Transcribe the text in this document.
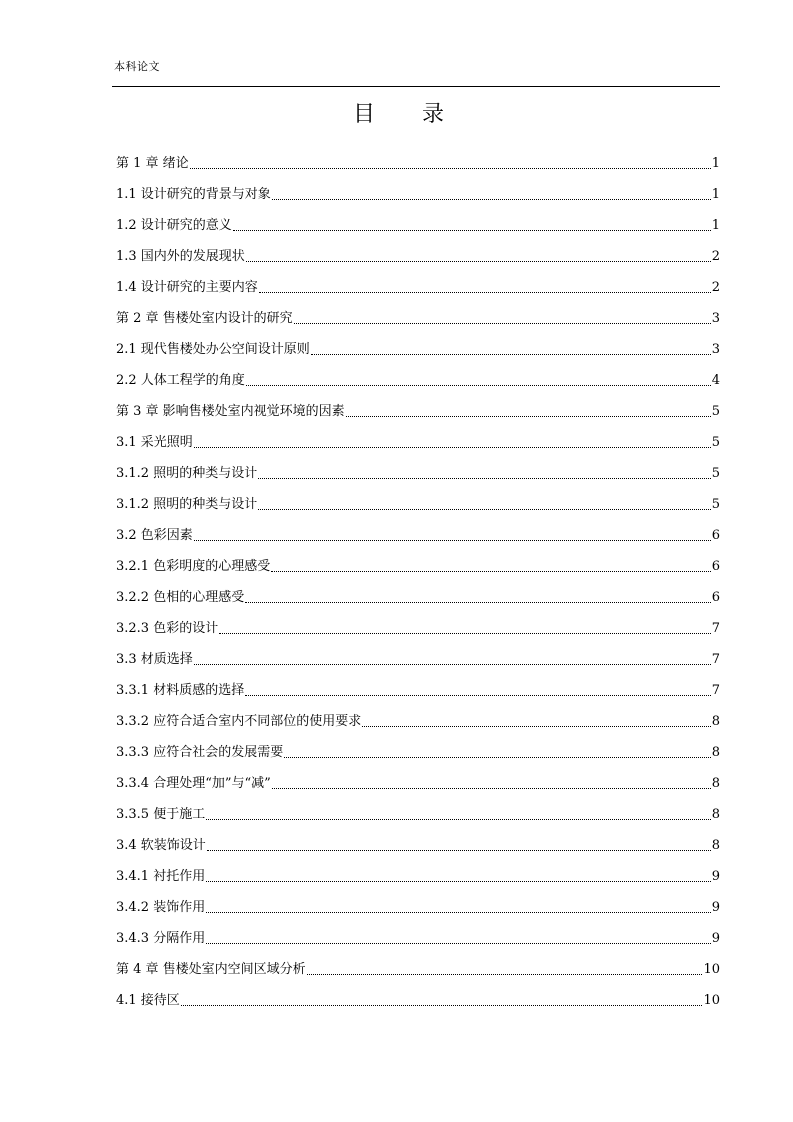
本科论文
目 录
第 1 章 绪论	1
1.1 设计研究的背景与对象	1
1.2 设计研究的意义	1
1.3 国内外的发展现状	2
1.4 设计研究的主要内容	2
第 2 章 售楼处室内设计的研究	3
2.1 现代售楼处办公空间设计原则	3
2.2 人体工程学的角度	4
第 3 章 影响售楼处室内视觉环境的因素	5
3.1 采光照明	5
3.1.2 照明的种类与设计	5
3.1.2 照明的种类与设计	5
3.2 色彩因素	6
3.2.1 色彩明度的心理感受	6
3.2.2 色相的心理感受	6
3.2.3 色彩的设计	7
3.3 材质选择	7
3.3.1 材料质感的选择	7
3.3.2 应符合适合室内不同部位的使用要求	8
3.3.3 应符合社会的发展需要	8
3.3.4 合理处理“加”与“减”	8
3.3.5 便于施工	8
3.4 软装饰设计	8
3.4.1 衬托作用	9
3.4.2 装饰作用	9
3.4.3 分隔作用	9
第 4 章 售楼处室内空间区域分析	10
4.1 接待区	10
